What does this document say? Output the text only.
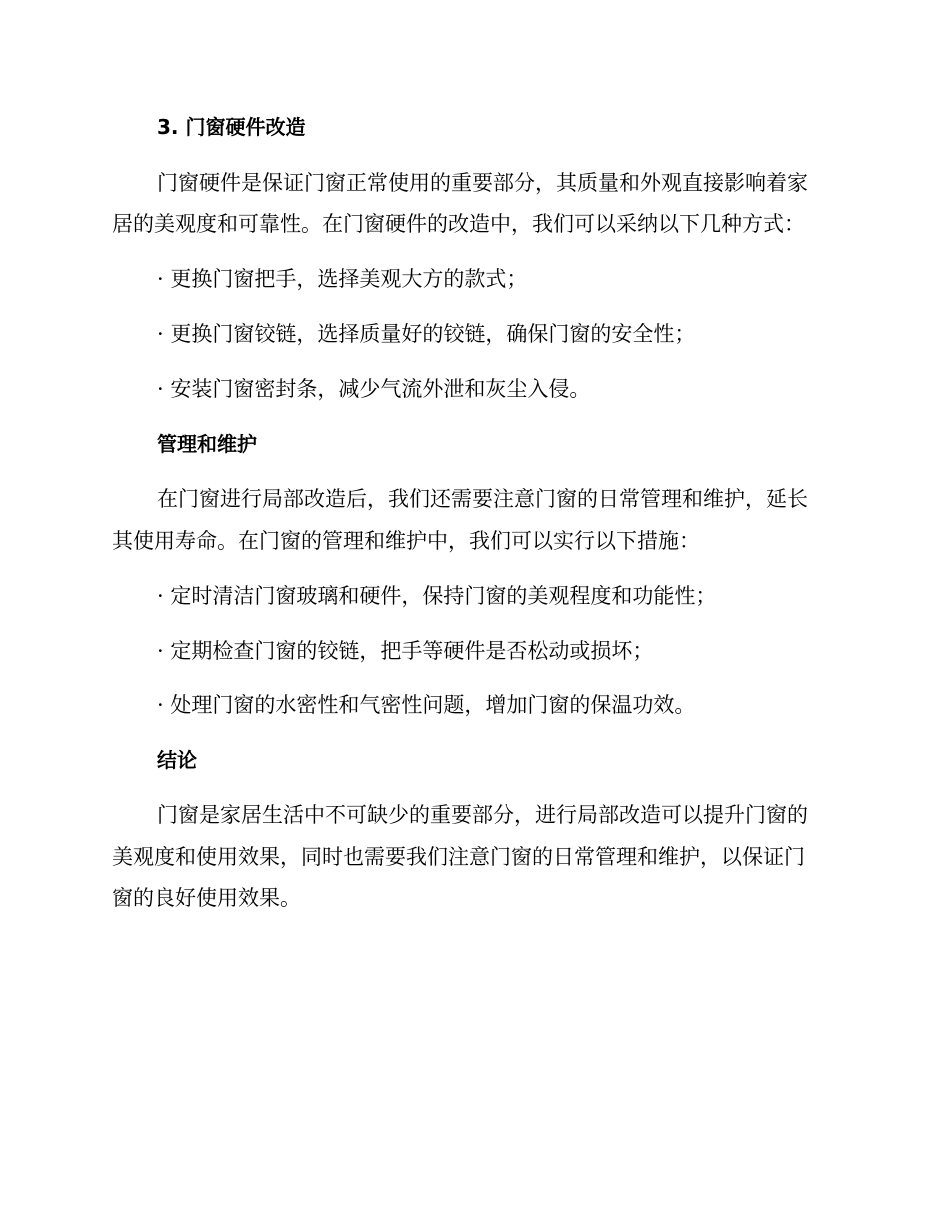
3. 门窗硬件改造

门窗硬件是保证门窗正常使用的重要部分，其质量和外观直接影响着家

居的美观度和可靠性。在门窗硬件的改造中，我们可以采纳以下几种方式：

· 更换门窗把手，选择美观大方的款式；

· 更换门窗铰链，选择质量好的铰链，确保门窗的安全性；

· 安装门窗密封条，减少气流外泄和灰尘入侵。

管理和维护

在门窗进行局部改造后，我们还需要注意门窗的日常管理和维护，延长

其使用寿命。在门窗的管理和维护中，我们可以实行以下措施：

· 定时清洁门窗玻璃和硬件，保持门窗的美观程度和功能性；

· 定期检查门窗的铰链，把手等硬件是否松动或损坏；

· 处理门窗的水密性和气密性问题，增加门窗的保温功效。

结论

门窗是家居生活中不可缺少的重要部分，进行局部改造可以提升门窗的

美观度和使用效果，同时也需要我们注意门窗的日常管理和维护，以保证门

窗的良好使用效果。
